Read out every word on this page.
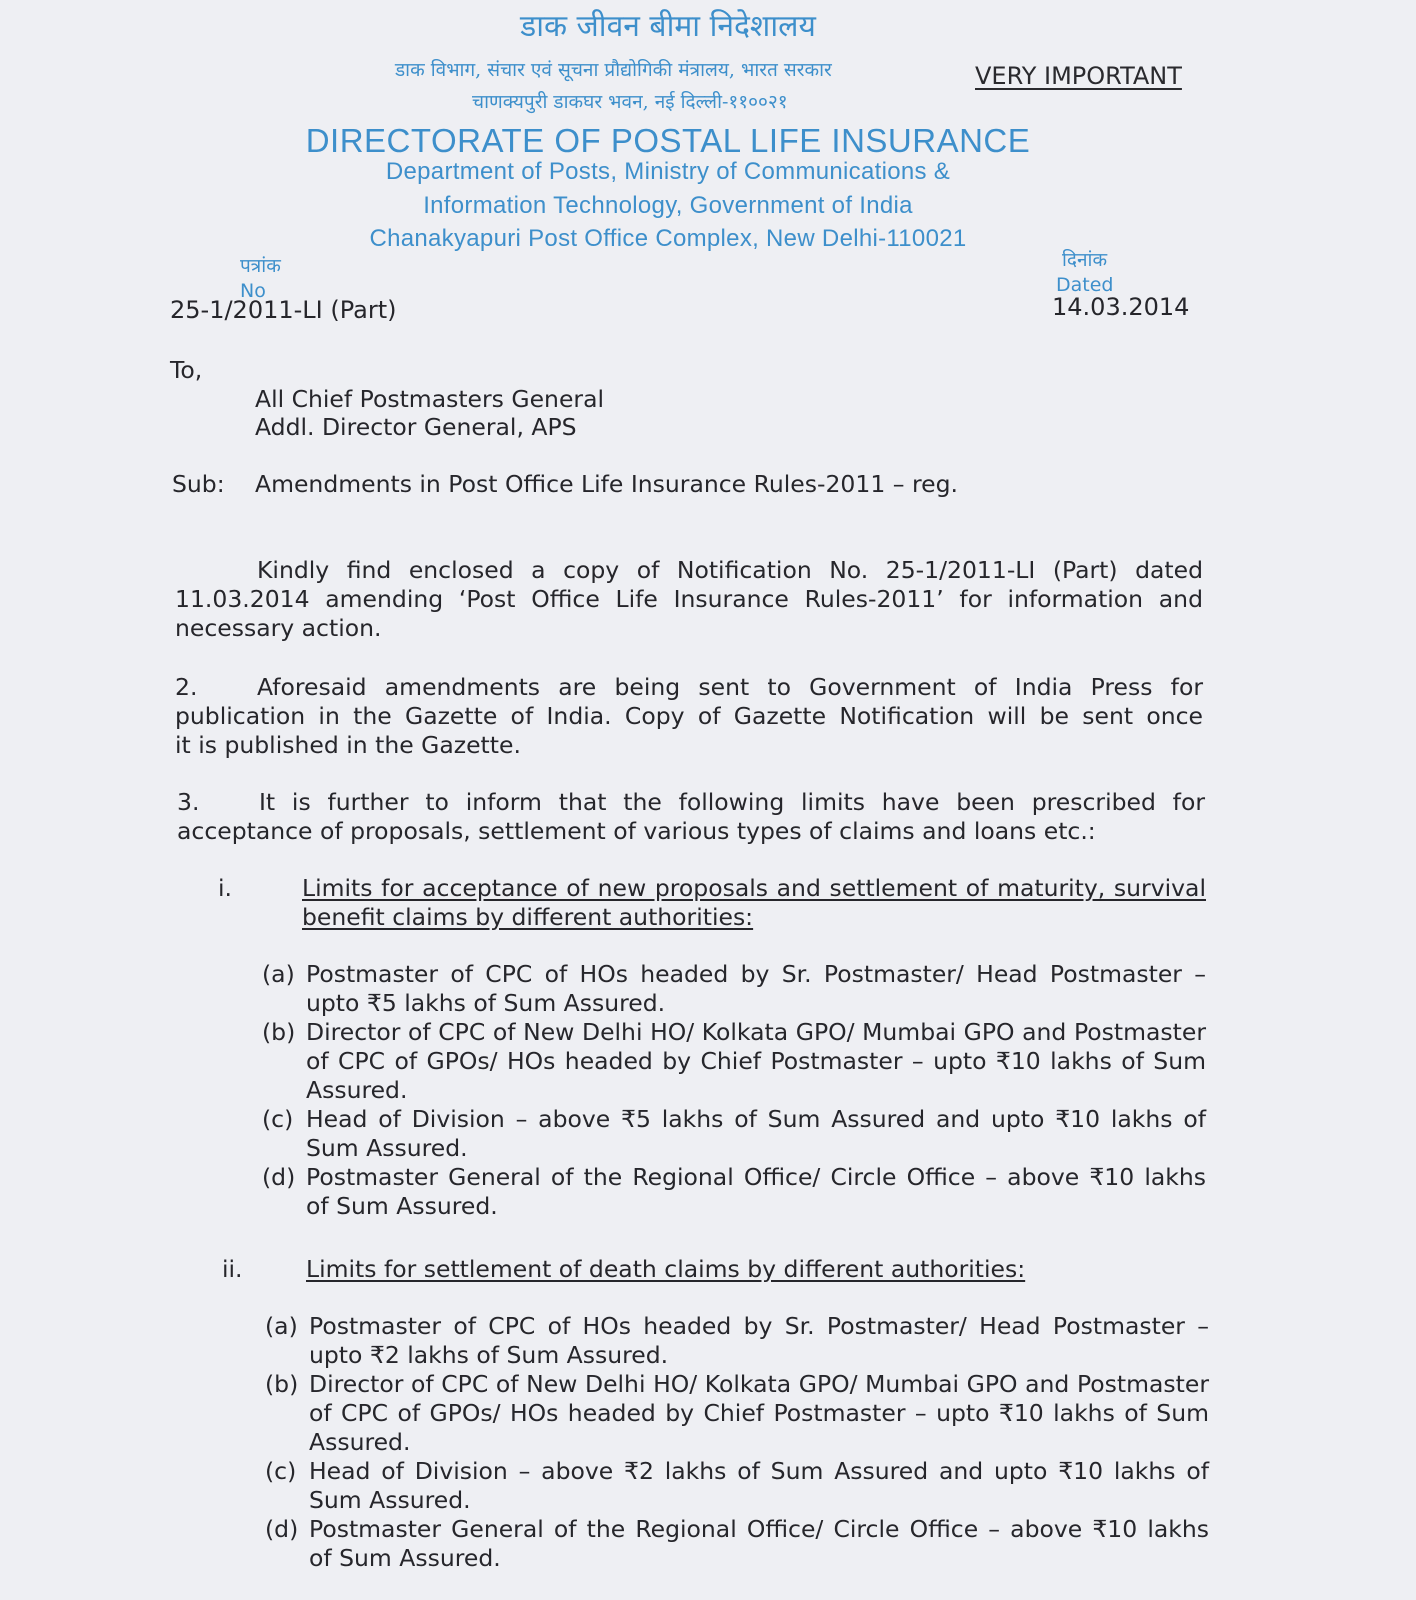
डाक जीवन बीमा निदेशालय
डाक विभाग, संचार एवं सूचना प्रौद्योगिकी मंत्रालय, भारत सरकार
चाणक्यपुरी डाकघर भवन, नई दिल्ली-११००२१
VERY IMPORTANT
DIRECTORATE OF POSTAL LIFE INSURANCE
Department of Posts, Ministry of Communications &
Information Technology, Government of India
Chanakyapuri Post Office Complex, New Delhi-110021
पत्रांक
No
25-1/2011-LI (Part)
दिनांक
Dated
14.03.2014
To,
All Chief Postmasters General
Addl. Director General, APS
Sub: Amendments in Post Office Life Insurance Rules-2011 – reg.
Kindly find enclosed a copy of Notification No. 25-1/2011-LI (Part) dated
11.03.2014 amending ‘Post Office Life Insurance Rules-2011’ for information and
necessary action.
2.	Aforesaid amendments are being sent to Government of India Press for
publication in the Gazette of India. Copy of Gazette Notification will be sent once
it is published in the Gazette.
3.	It is further to inform that the following limits have been prescribed for
acceptance of proposals, settlement of various types of claims and loans etc.:
i.	Limits for acceptance of new proposals and settlement of maturity, survival benefit claims by different authorities:
(a) Postmaster of CPC of HOs headed by Sr. Postmaster/ Head Postmaster – upto ₹5 lakhs of Sum Assured.
(b) Director of CPC of New Delhi HO/ Kolkata GPO/ Mumbai GPO and Postmaster of CPC of GPOs/ HOs headed by Chief Postmaster – upto ₹10 lakhs of Sum Assured.
(c) Head of Division – above ₹5 lakhs of Sum Assured and upto ₹10 lakhs of Sum Assured.
(d) Postmaster General of the Regional Office/ Circle Office – above ₹10 lakhs of Sum Assured.
ii.	Limits for settlement of death claims by different authorities:
(a) Postmaster of CPC of HOs headed by Sr. Postmaster/ Head Postmaster – upto ₹2 lakhs of Sum Assured.
(b) Director of CPC of New Delhi HO/ Kolkata GPO/ Mumbai GPO and Postmaster of CPC of GPOs/ HOs headed by Chief Postmaster – upto ₹10 lakhs of Sum Assured.
(c) Head of Division – above ₹2 lakhs of Sum Assured and upto ₹10 lakhs of Sum Assured.
(d) Postmaster General of the Regional Office/ Circle Office – above ₹10 lakhs of Sum Assured.
